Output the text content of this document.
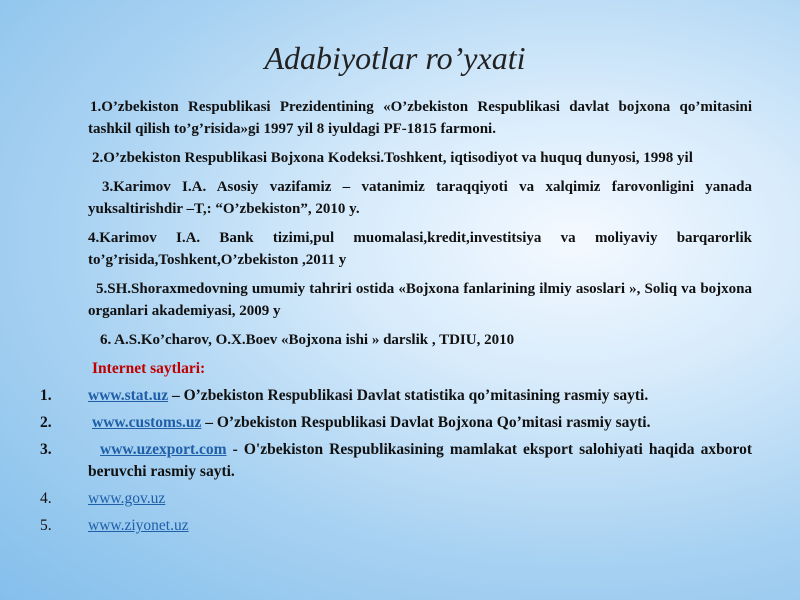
Adabiyotlar ro’yxati

1.O’zbekiston Respublikasi Prezidentining «O’zbekiston Respublikasi davlat bojxona qo’mitasini tashkil qilish to’g’risida»gi 1997 yil 8 iyuldagi PF-1815 farmoni.

2.O’zbekiston Respublikasi Bojxona Kodeksi.Toshkent, iqtisodiyot va huquq dunyosi, 1998 yil

3.Karimov I.A. Asosiy vazifamiz – vatanimiz taraqqiyoti va xalqimiz farovonligini yanada yuksaltirishdir –T,: “O’zbekiston”, 2010 y.

4.Karimov I.A. Bank tizimi,pul muomalasi,kredit,investitsiya va moliyaviy barqarorlik to’g’risida,Toshkent,O’zbekiston ,2011 y

5.SH.Shoraxmedovning umumiy tahriri ostida «Bojxona fanlarining ilmiy asoslari », Soliq va bojxona organlari akademiyasi, 2009 y

6. A.S.Ko’charov, O.X.Boev «Bojxona ishi » darslik , TDIU, 2010

Internet saytlari:
1. www.stat.uz – O’zbekiston Respublikasi Davlat statistika qo’mitasining rasmiy sayti.
2.	www.customs.uz – O’zbekiston Respublikasi Davlat Bojxona Qo’mitasi rasmiy sayti.
3.	www.uzexport.com - O'zbekiston Respublikasining mamlakat eksport salohiyati haqida axborot beruvchi rasmiy sayti.
4. www.gov.uz
5. www.ziyonet.uz
